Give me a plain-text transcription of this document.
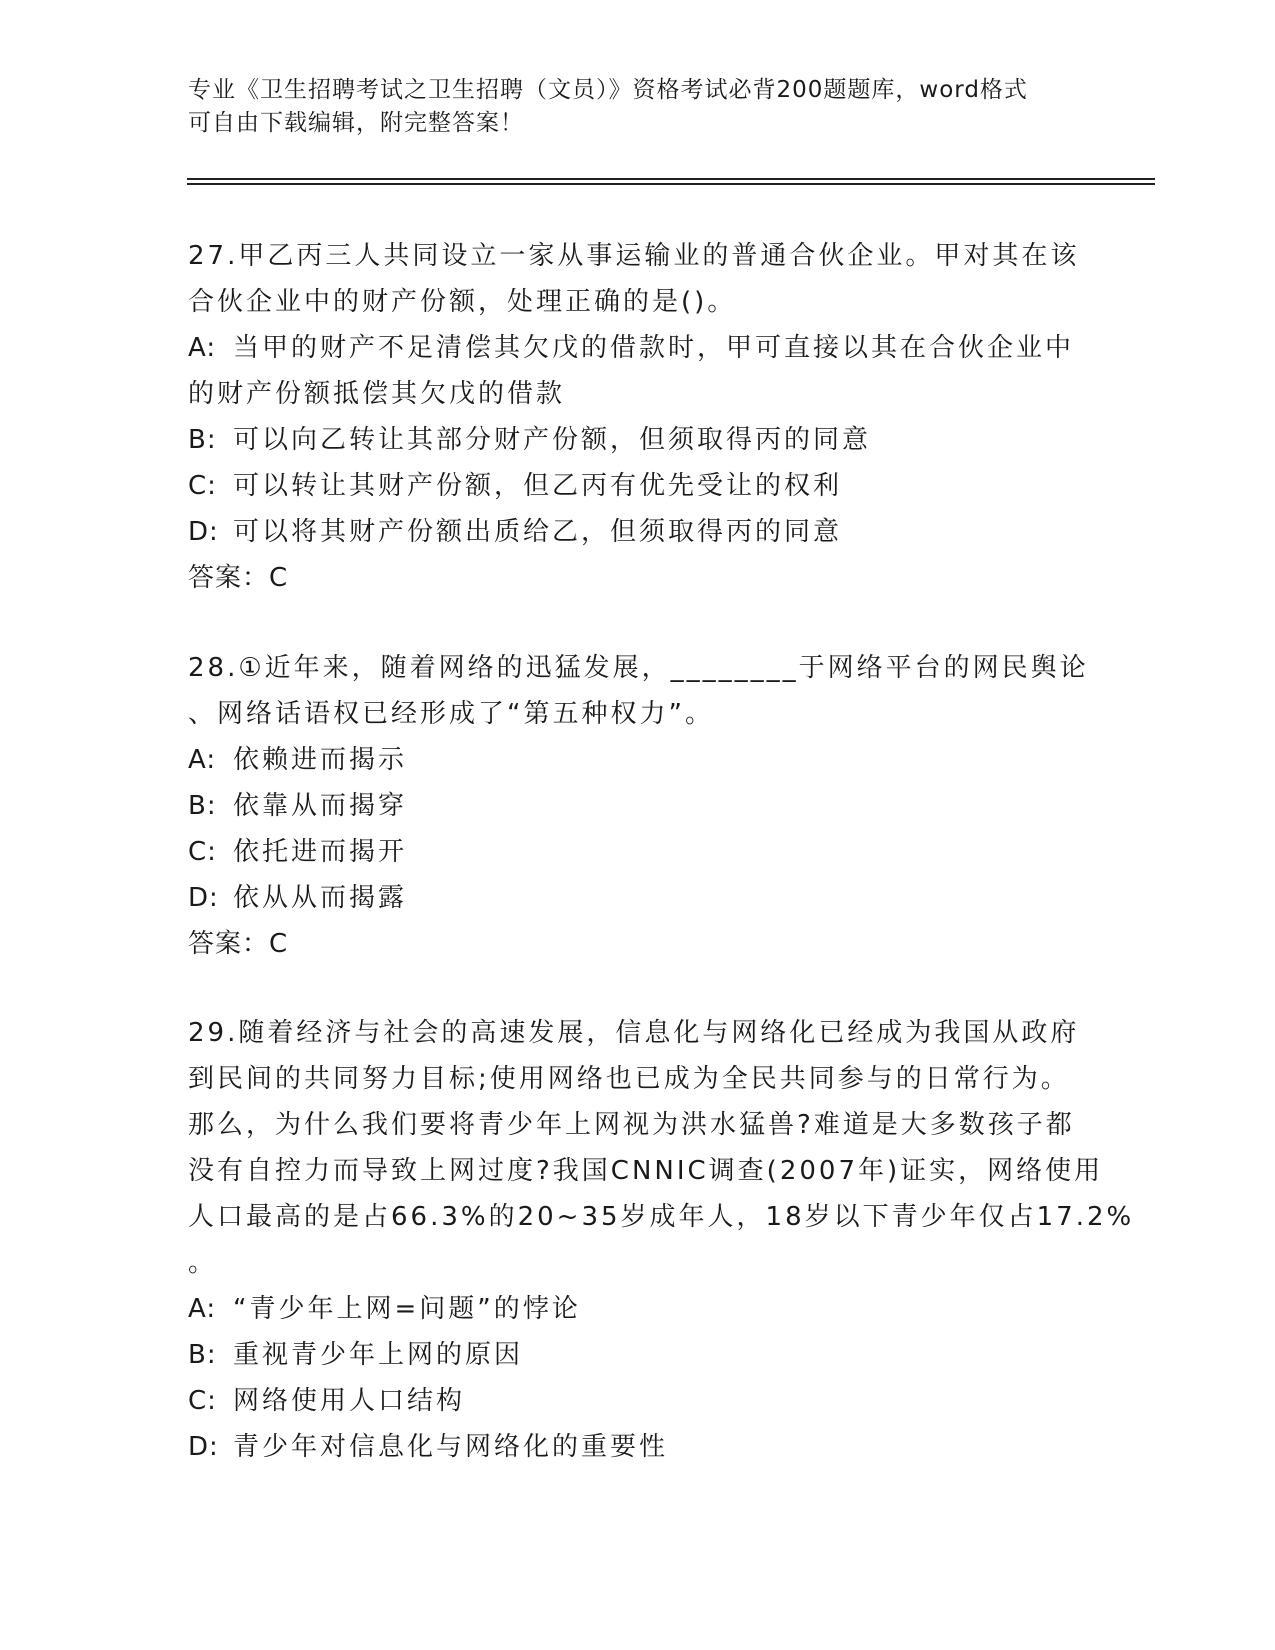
专业《卫生招聘考试之卫生招聘（文员）》资格考试必背200题题库，word格式
可自由下载编辑，附完整答案！
27.甲乙丙三人共同设立一家从事运输业的普通合伙企业。甲对其在该
合伙企业中的财产份额，处理正确的是()。
A: 当甲的财产不足清偿其欠戊的借款时，甲可直接以其在合伙企业中
的财产份额抵偿其欠戊的借款
B: 可以向乙转让其部分财产份额，但须取得丙的同意
C: 可以转让其财产份额，但乙丙有优先受让的权利
D: 可以将其财产份额出质给乙，但须取得丙的同意
答案：C
28.①近年来，随着网络的迅猛发展，________于网络平台的网民舆论
、网络话语权已经形成了“第五种权力”。
A: 依赖进而揭示
B: 依靠从而揭穿
C: 依托进而揭开
D: 依从从而揭露
答案：C
29.随着经济与社会的高速发展，信息化与网络化已经成为我国从政府
到民间的共同努力目标;使用网络也已成为全民共同参与的日常行为。
那么，为什么我们要将青少年上网视为洪水猛兽?难道是大多数孩子都
没有自控力而导致上网过度?我国CNNIC调查(2007年)证实，网络使用
人口最高的是占66.3%的20~35岁成年人，18岁以下青少年仅占17.2%
。
A: “青少年上网=问题”的悖论
B: 重视青少年上网的原因
C: 网络使用人口结构
D: 青少年对信息化与网络化的重要性
